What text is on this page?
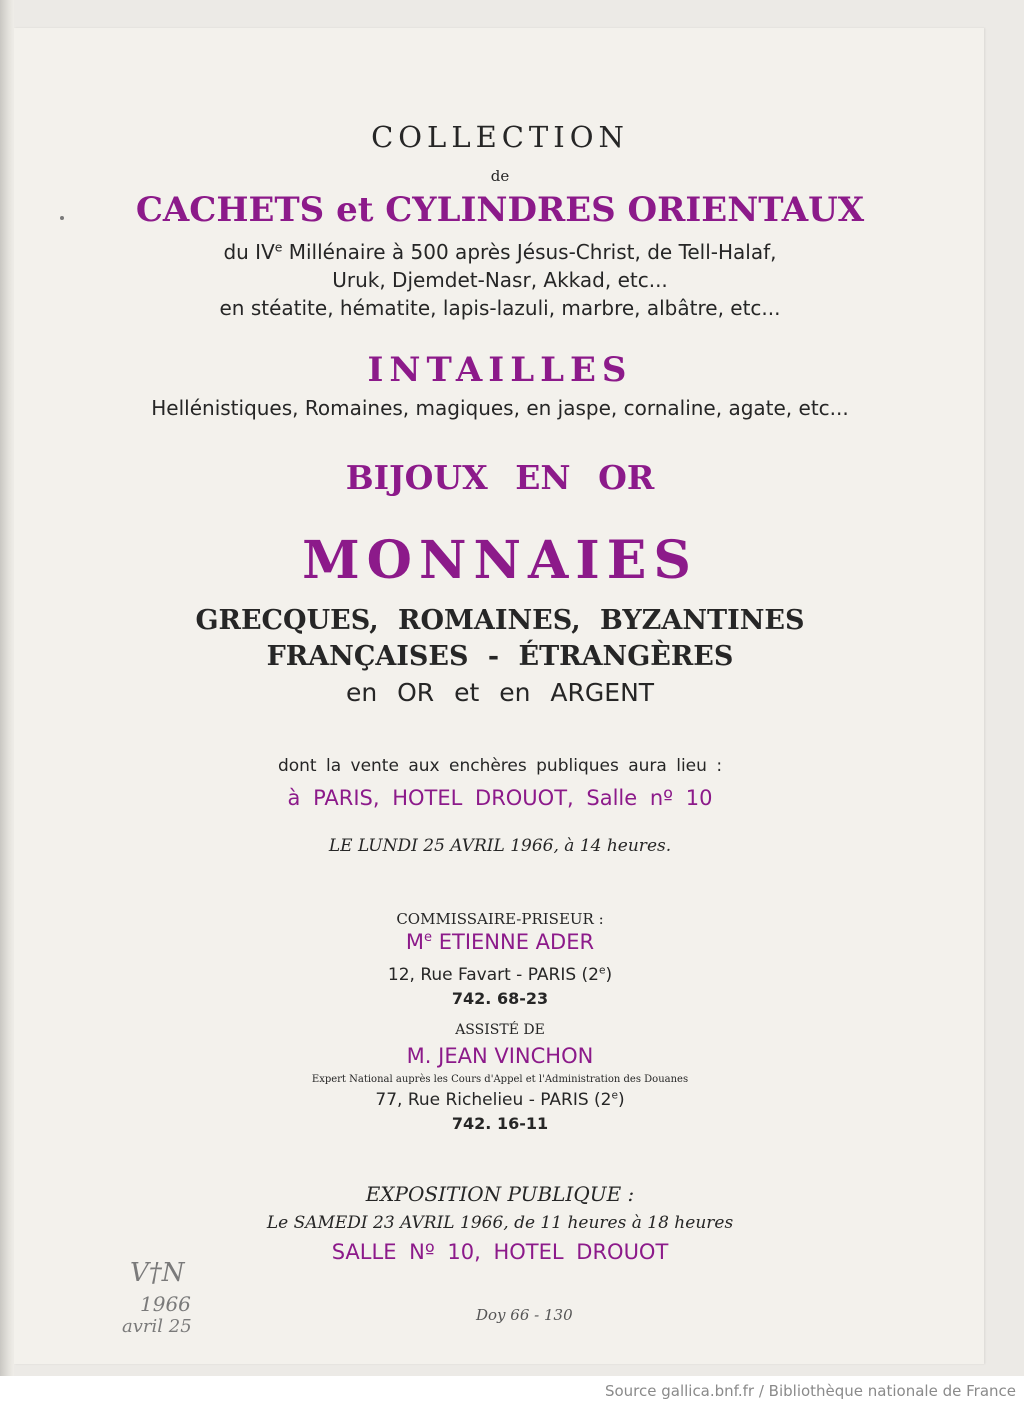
COLLECTION
de
CACHETS et CYLINDRES ORIENTAUX
du IVe Millénaire à 500 après Jésus-Christ, de Tell-Halaf,
Uruk, Djemdet-Nasr, Akkad, etc...
en stéatite, hématite, lapis-lazuli, marbre, albâtre, etc...
INTAILLES
Hellénistiques, Romaines, magiques, en jaspe, cornaline, agate, etc...
BIJOUX EN OR
MONNAIES
GRECQUES, ROMAINES, BYZANTINES
FRANÇAISES - ÉTRANGÈRES
en OR et en ARGENT
dont la vente aux enchères publiques aura lieu :
à PARIS, HOTEL DROUOT, Salle nº 10
LE LUNDI 25 AVRIL 1966, à 14 heures.
COMMISSAIRE-PRISEUR :
Me ETIENNE ADER
12, Rue Favart - PARIS (2e)
742. 68-23
ASSISTÉ DE
M. JEAN VINCHON
Expert National auprès les Cours d'Appel et l'Administration des Douanes
77, Rue Richelieu - PARIS (2e)
742. 16-11
EXPOSITION PUBLIQUE :
Le SAMEDI 23 AVRIL 1966, de 11 heures à 18 heures
SALLE Nº 10, HOTEL DROUOT
V†N
1966
avril 25
Doy 66 - 130
Source gallica.bnf.fr / Bibliothèque nationale de France
